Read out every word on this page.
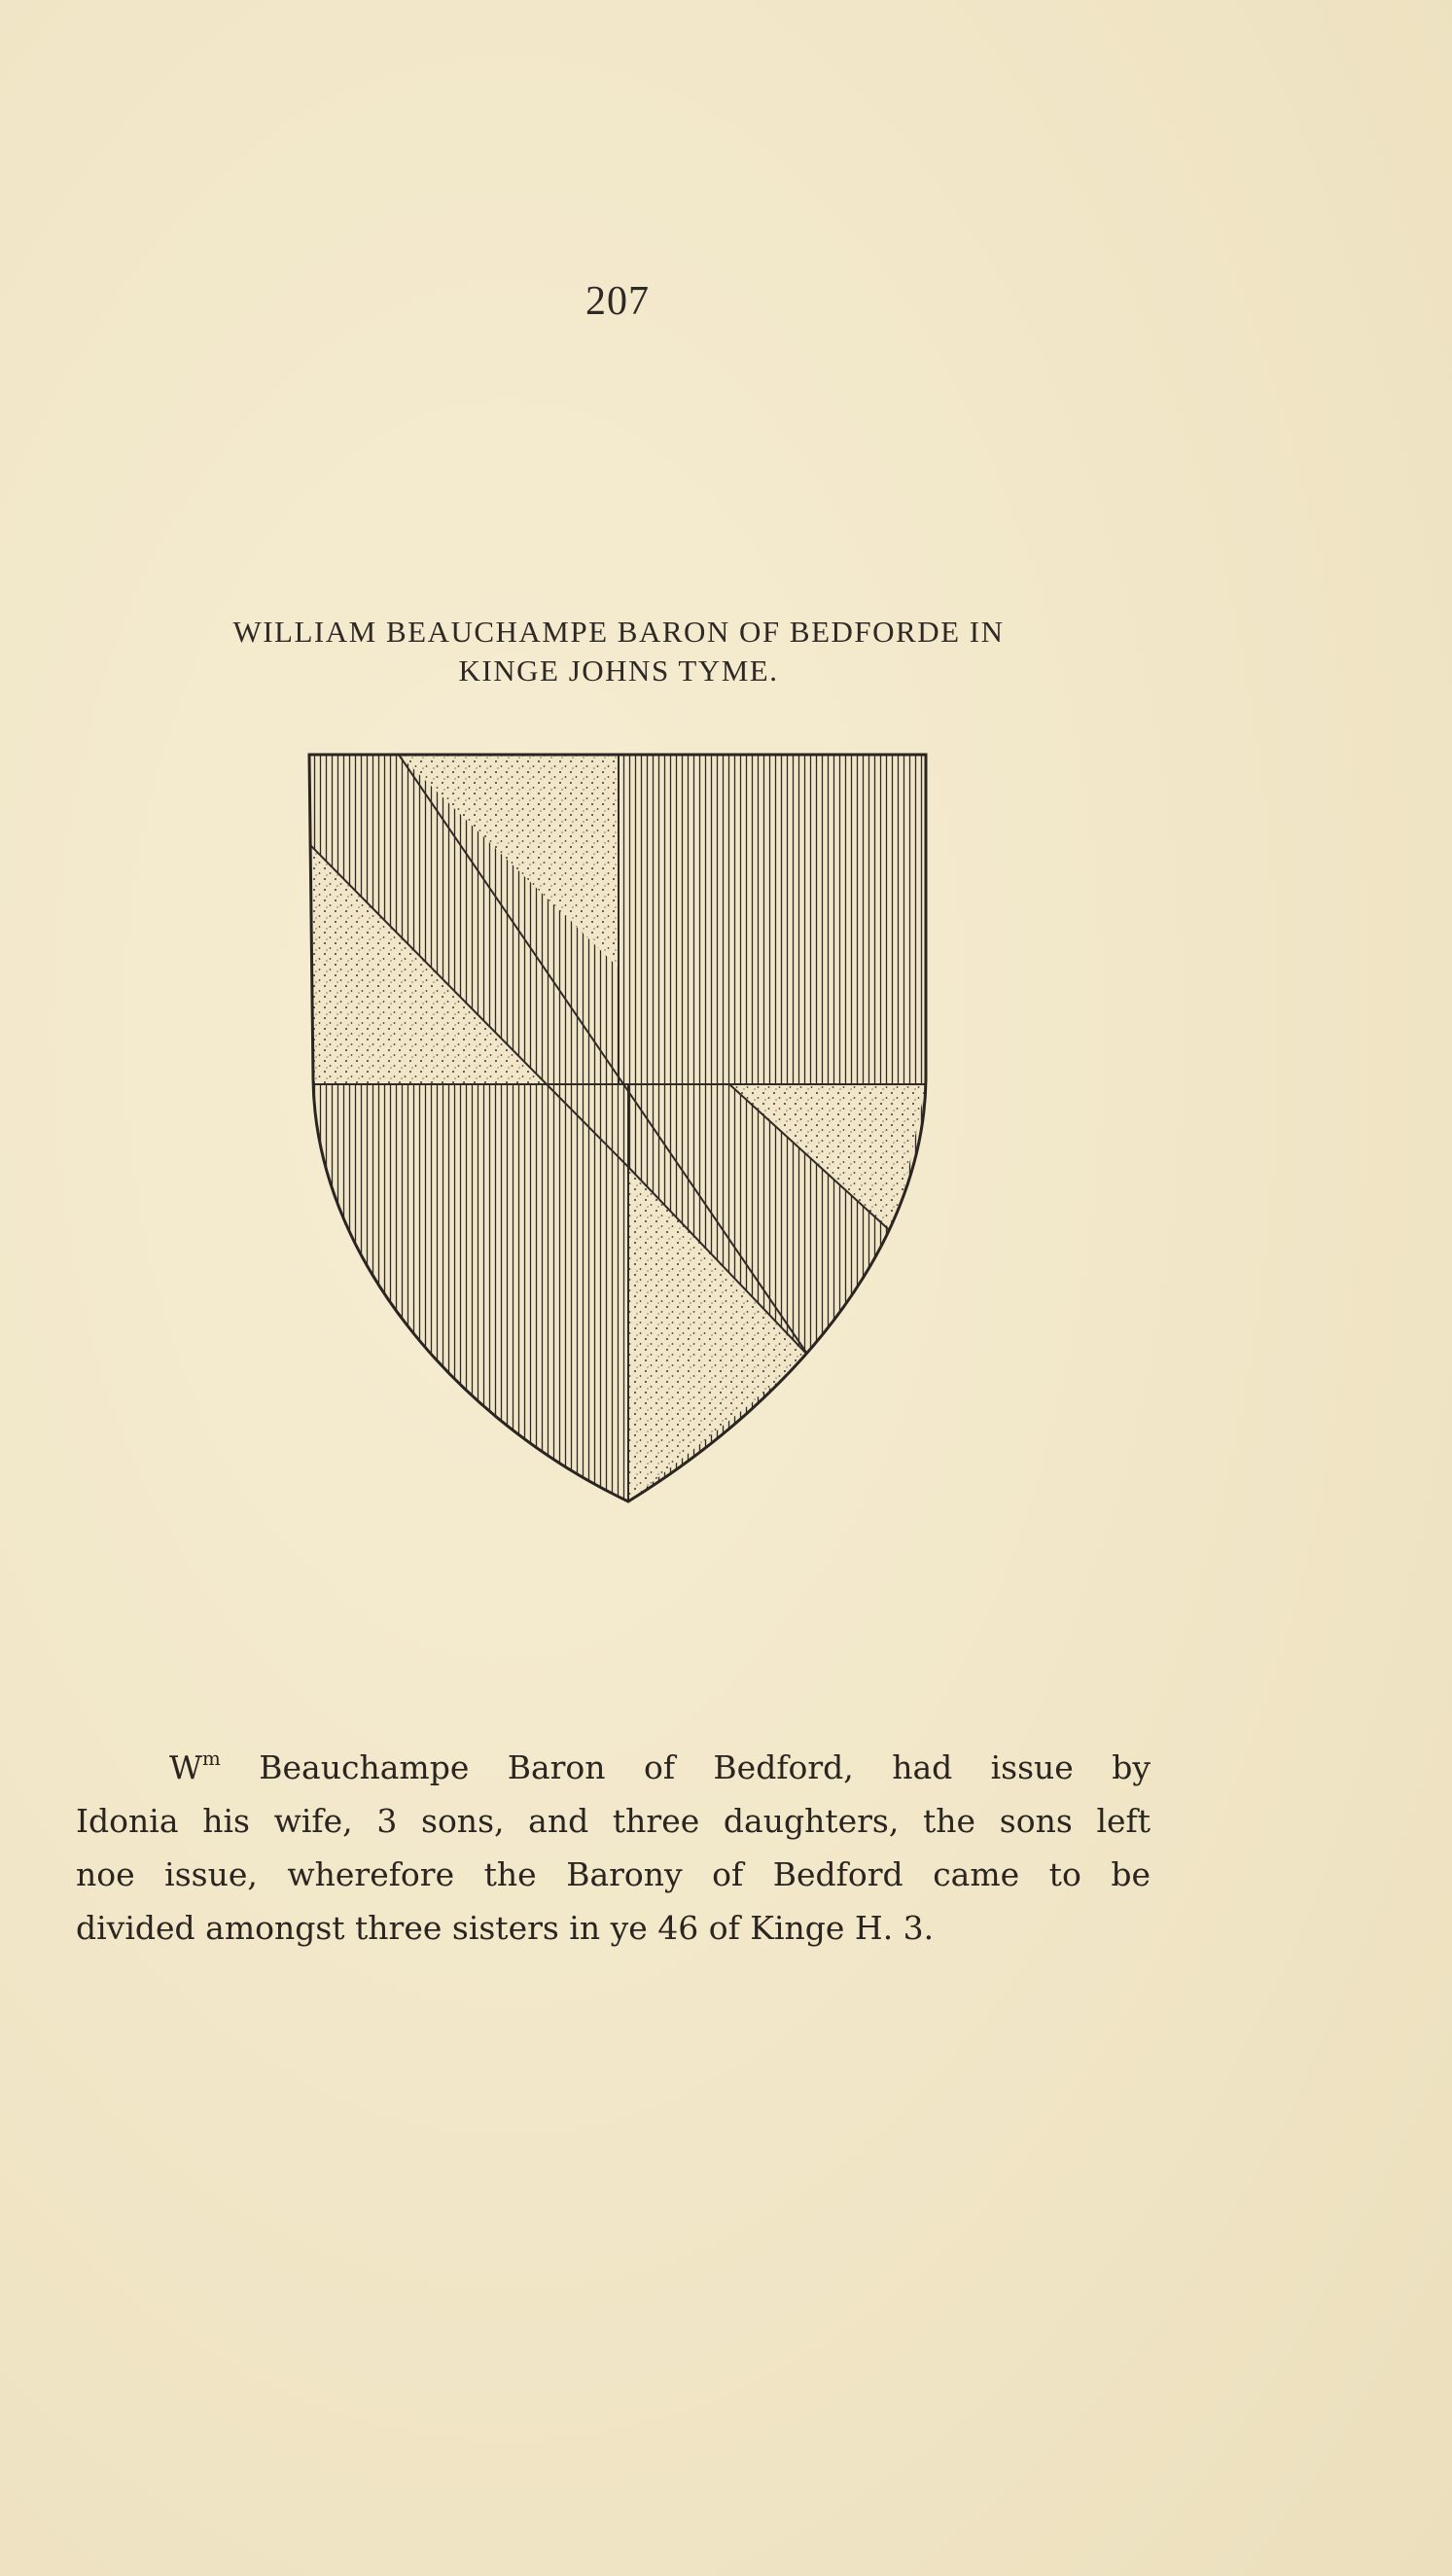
207
WILLIAM BEAUCHAMPE BARON OF BEDFORDE IN
KINGE JOHNS TYME.
$W^m$ Beauchampe Baron of Bedford, had issue by
Idonia his wife, 3 sons, and three daughters, the sons left
noe issue, wherefore the Barony of Bedford came to be
divided amongst three sisters in ye 46 of Kinge H. 3.
